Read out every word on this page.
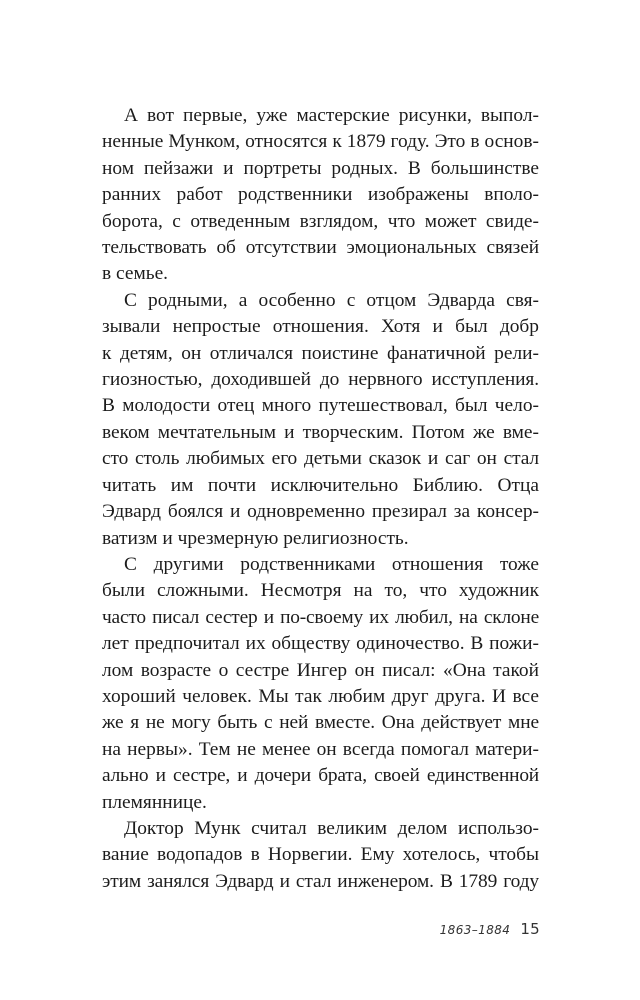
А вот первые, уже мастерские рисунки, выпол-

ненные Мунком, относятся к 1879 году. Это в основ-

ном пейзажи и портреты родных. В большинстве

ранних работ родственники изображены вполо-

борота, с отведенным взглядом, что может свиде-

тельствовать об отсутствии эмоциональных связей

в семье.

С родными, а особенно с отцом Эдварда свя-

зывали непростые отношения. Хотя и был добр

к детям, он отличался поистине фанатичной рели-

гиозностью, доходившей до нервного исступления.

В молодости отец много путешествовал, был чело-

веком мечтательным и творческим. Потом же вме-

сто столь любимых его детьми сказок и саг он стал

читать им почти исключительно Библию. Отца

Эдвард боялся и одновременно презирал за консер-

ватизм и чрезмерную религиозность.

С другими родственниками отношения тоже

были сложными. Несмотря на то, что художник

часто писал сестер и по-своему их любил, на склоне

лет предпочитал их обществу одиночество. В пожи-

лом возрасте о сестре Ингер он писал: «Она такой

хороший человек. Мы так любим друг друга. И все

же я не могу быть с ней вместе. Она действует мне

на нервы». Тем не менее он всегда помогал матери-

ально и сестре, и дочери брата, своей единственной

племяннице.

Доктор Мунк считал великим делом использо-

вание водопадов в Норвегии. Ему хотелось, чтобы

этим занялся Эдвард и стал инженером. В 1789 году

1863–1884 15
